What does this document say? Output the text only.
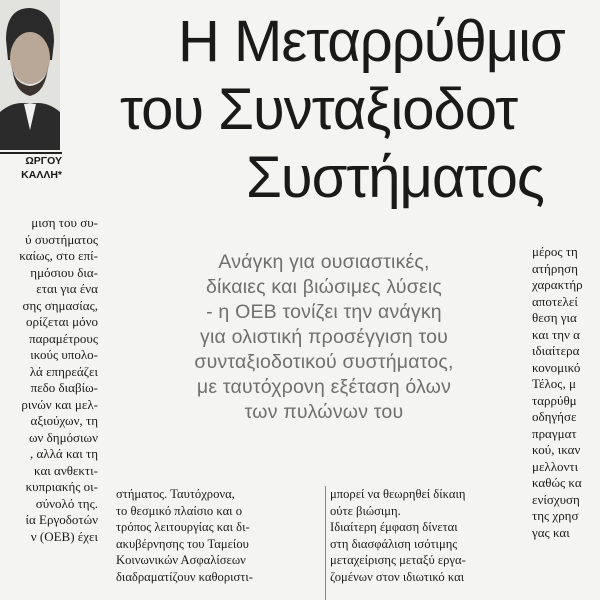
ΩΡΓΟΥ
ΚΑΛΛΗ*
Η Μεταρρύθμισ
του Συνταξιοδοτ
Συστήματος
μιση του συ-
ύ συστήματος
καίως, στο επί-
ημόσιου δια-
εται για ένα
σης σημασίας,
ορίζεται μόνο
παραμέτρους
ικούς υπολο-
λά επηρεάζει
πεδο διαβίω-
ρινών και μελ-
αξιούχων, τη
ων δημόσιων
, αλλά και τη
και ανθεκτι-
κυπριακής οι-
σύνολό της.
ία Εργοδοτών
ν (ΟΕΒ) έχει
Ανάγκη για ουσιαστικές,
δίκαιες και βιώσιμες λύσεις
- η ΟΕΒ τονίζει την ανάγκη
για ολιστική προσέγγιση του
συνταξιοδοτικού συστήματος,
με ταυτόχρονη εξέταση όλων
των πυλώνων του
μέρος τη
ατήρηση
χαρακτήρ
αποτελεί
θεση για
και την α
ιδιαίτερα
κονομικό
Τέλος, μ
ταρρύθμ
οδηγήσε
πραγματ
κού, ικαν
μελλοντι
καθώς κα
ενίσχυση
της χρησ
γας και
στήματος. Ταυτόχρονα,
το θεσμικό πλαίσιο και ο
τρόπος λειτουργίας και δι-
ακυβέρνησης του Ταμείου
Κοινωνικών Ασφαλίσεων
διαδραματίζουν καθοριστι-
μπορεί να θεωρηθεί δίκαιη
ούτε βιώσιμη.
Ιδιαίτερη έμφαση δίνεται
στη διασφάλιση ισότιμης
μεταχείρισης μεταξύ εργα-
ζομένων στον ιδιωτικό και
